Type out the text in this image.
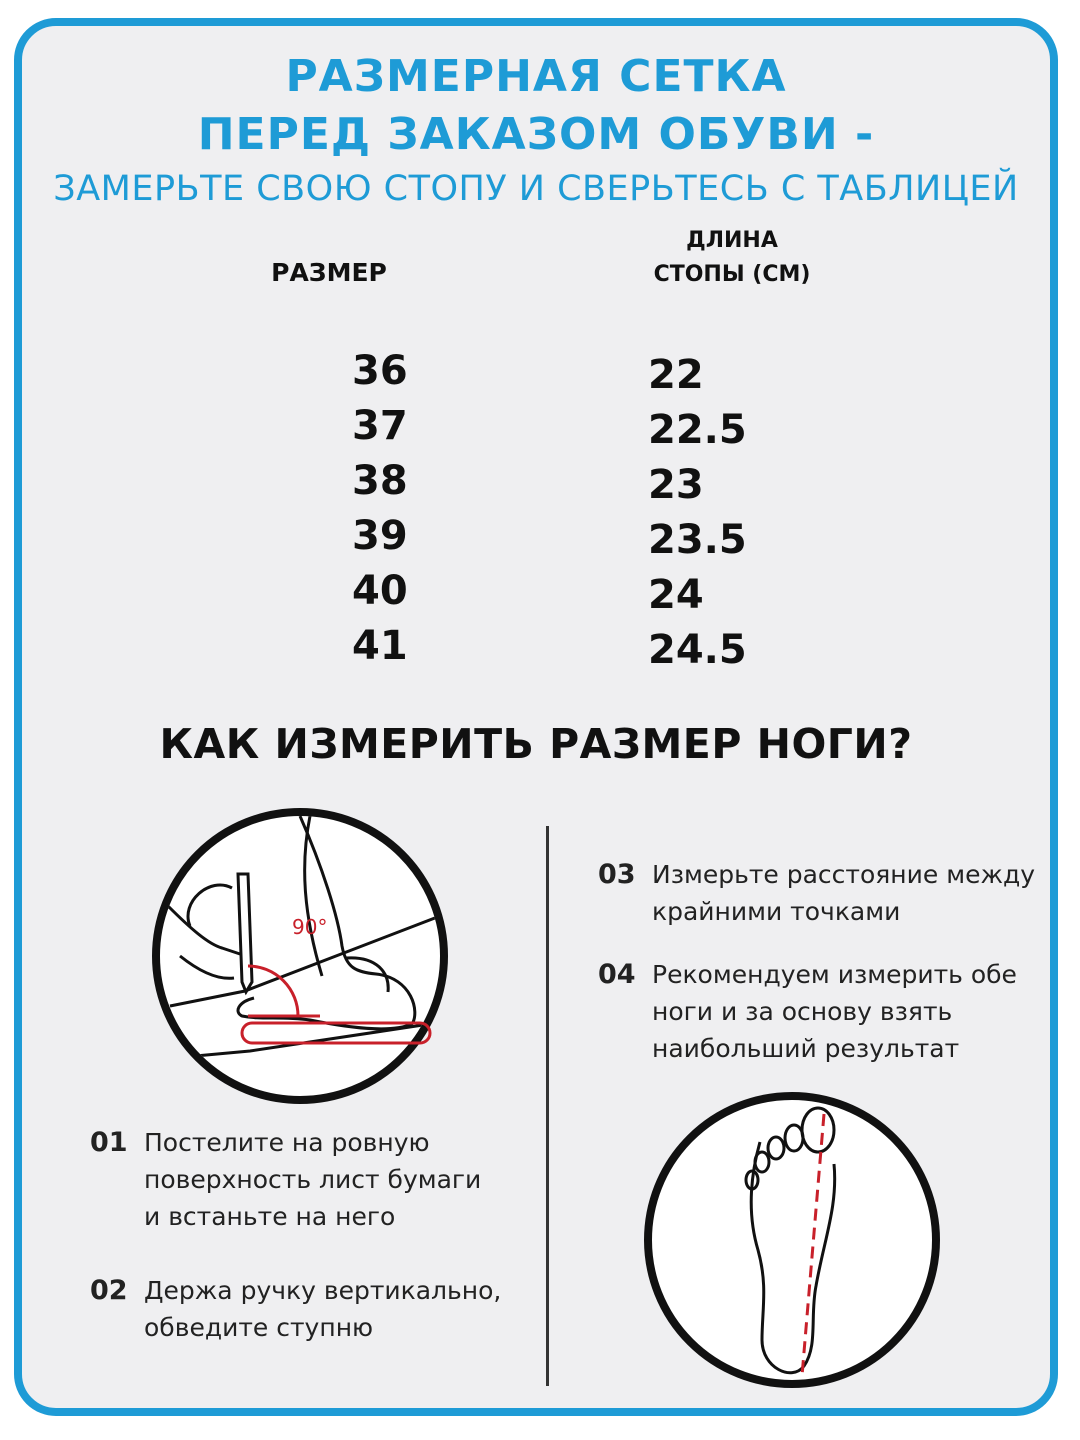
РАЗМЕРНАЯ СЕТКА
ПЕРЕД ЗАКАЗОМ ОБУВИ -
ЗАМЕРЬТЕ СВОЮ СТОПУ И СВЕРЬТЕСЬ С ТАБЛИЦЕЙ
РАЗМЕР
ДЛИНА
СТОПЫ (СМ)
36
37
38
39
40
41
22
22.5
23
23.5
24
24.5
КАК ИЗМЕРИТЬ РАЗМЕР НОГИ?
90°
01 Постелите на ровную
поверхность лист бумаги
и встаньте на него
02 Держа ручку вертикально,
обведите ступню
03 Измерьте расстояние между
крайними точками
04 Рекомендуем измерить обе
ноги и за основу взять
наибольший результат
